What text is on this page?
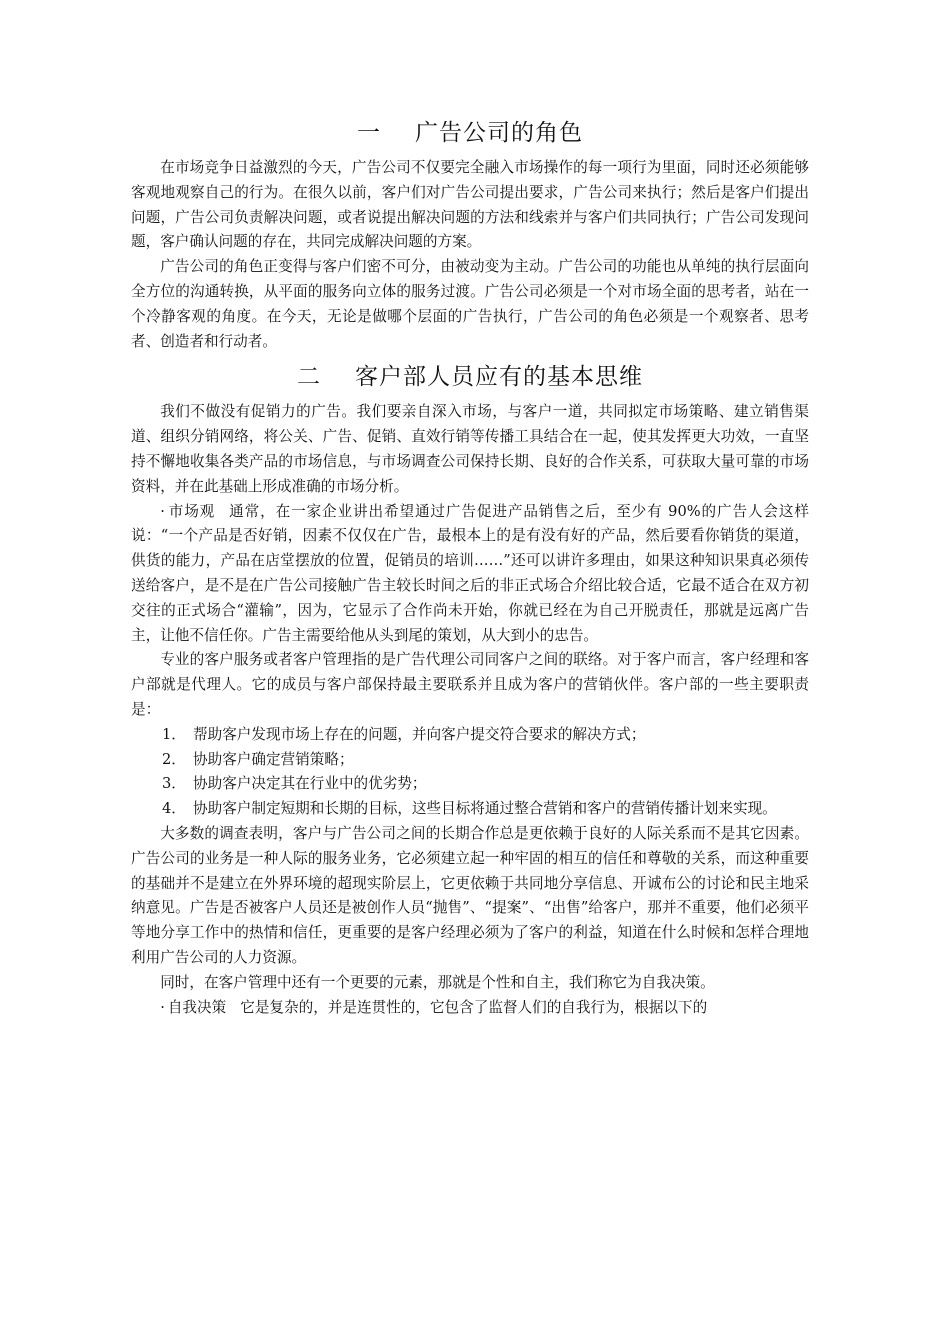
一 广告公司的角色

在市场竞争日益激烈的今天，广告公司不仅要完全融入市场操作的每一项行为里面，同时还必须能够客观地观察自己的行为。在很久以前，客户们对广告公司提出要求，广告公司来执行；然后是客户们提出问题，广告公司负责解决问题，或者说提出解决问题的方法和线索并与客户们共同执行；广告公司发现问题，客户确认问题的存在，共同完成解决问题的方案。

广告公司的角色正变得与客户们密不可分，由被动变为主动。广告公司的功能也从单纯的执行层面向全方位的沟通转换，从平面的服务向立体的服务过渡。广告公司必须是一个对市场全面的思考者，站在一个冷静客观的角度。在今天，无论是做哪个层面的广告执行，广告公司的角色必须是一个观察者、思考者、创造者和行动者。

二 客户部人员应有的基本思维

我们不做没有促销力的广告。我们要亲自深入市场，与客户一道，共同拟定市场策略、建立销售渠道、组织分销网络，将公关、广告、促销、直效行销等传播工具结合在一起，使其发挥更大功效，一直坚持不懈地收集各类产品的市场信息，与市场调查公司保持长期、良好的合作关系，可获取大量可靠的市场资料，并在此基础上形成准确的市场分析。

· 市场观 通常，在一家企业讲出希望通过广告促进产品销售之后，至少有 90%的广告人会这样说：“一个产品是否好销，因素不仅仅在广告，最根本上的是有没有好的产品，然后要看你销货的渠道，供货的能力，产品在店堂摆放的位置，促销员的培训……”还可以讲许多理由，如果这种知识果真必须传送给客户，是不是在广告公司接触广告主较长时间之后的非正式场合介绍比较合适，它最不适合在双方初交往的正式场合“灌输”，因为，它显示了合作尚未开始，你就已经在为自己开脱责任，那就是远离广告主，让他不信任你。广告主需要给他从头到尾的策划，从大到小的忠告。

专业的客户服务或者客户管理指的是广告代理公司同客户之间的联络。对于客户而言，客户经理和客户部就是代理人。它的成员与客户部保持最主要联系并且成为客户的营销伙伴。客户部的一些主要职责是：

1． 帮助客户发现市场上存在的问题，并向客户提交符合要求的解决方式；
2． 协助客户确定营销策略；
3． 协助客户决定其在行业中的优劣势；
4． 协助客户制定短期和长期的目标，这些目标将通过整合营销和客户的营销传播计划来实现。

大多数的调查表明，客户与广告公司之间的长期合作总是更依赖于良好的人际关系而不是其它因素。广告公司的业务是一种人际的服务业务，它必须建立起一种牢固的相互的信任和尊敬的关系，而这种重要的基础并不是建立在外界环境的超现实阶层上，它更依赖于共同地分享信息、开诚布公的讨论和民主地采纳意见。广告是否被客户人员还是被创作人员“抛售”、“提案”、“出售”给客户，那并不重要，他们必须平等地分享工作中的热情和信任，更重要的是客户经理必须为了客户的利益，知道在什么时候和怎样合理地利用广告公司的人力资源。

同时，在客户管理中还有一个更要的元素，那就是个性和自主，我们称它为自我决策。

· 自我决策 它是复杂的，并是连贯性的，它包含了监督人们的自我行为，根据以下的
